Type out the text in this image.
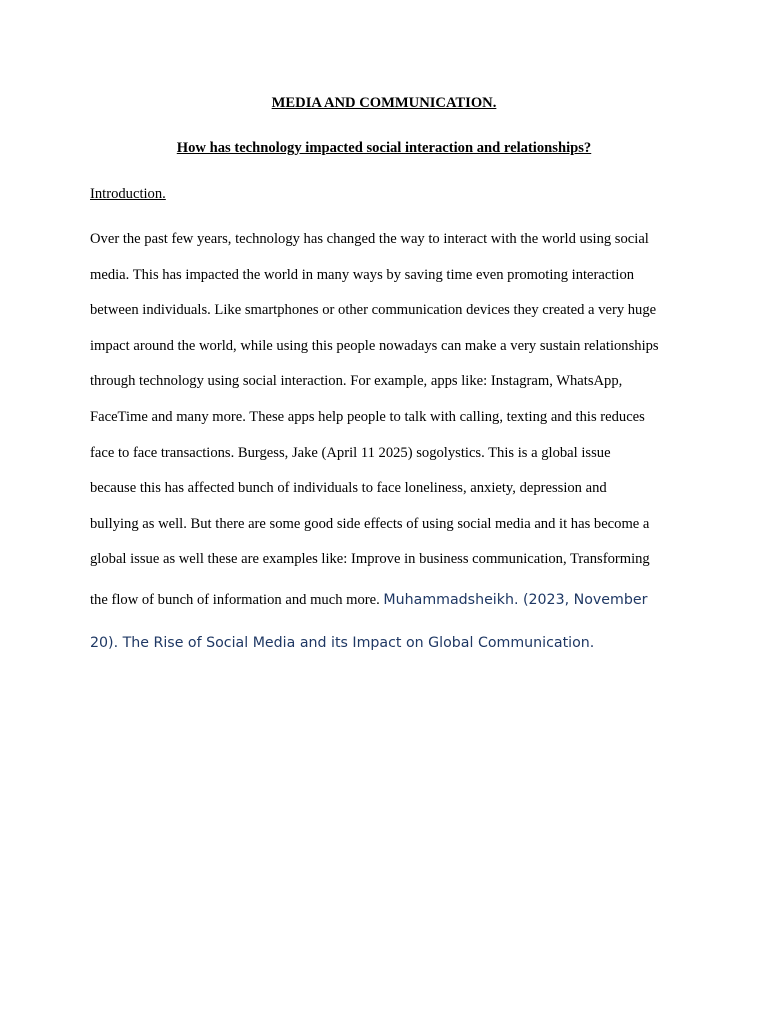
MEDIA AND COMMUNICATION.
How has technology impacted social interaction and relationships?
Introduction.
Over the past few years, technology has changed the way to interact with the world using social
media. This has impacted the world in many ways by saving time even promoting interaction
between individuals. Like smartphones or other communication devices they created a very huge
impact around the world, while using this people nowadays can make a very sustain relationships
through technology using social interaction. For example, apps like: Instagram, WhatsApp,
FaceTime and many more. These apps help people to talk with calling, texting and this reduces
face to face transactions. Burgess, Jake (April 11 2025) sogolystics. This is a global issue
because this has affected bunch of individuals to face loneliness, anxiety, depression and
bullying as well. But there are some good side effects of using social media and it has become a
global issue as well these are examples like: Improve in business communication, Transforming
the flow of bunch of information and much more. Muhammadsheikh. (2023, November
20). The Rise of Social Media and its Impact on Global Communication.
